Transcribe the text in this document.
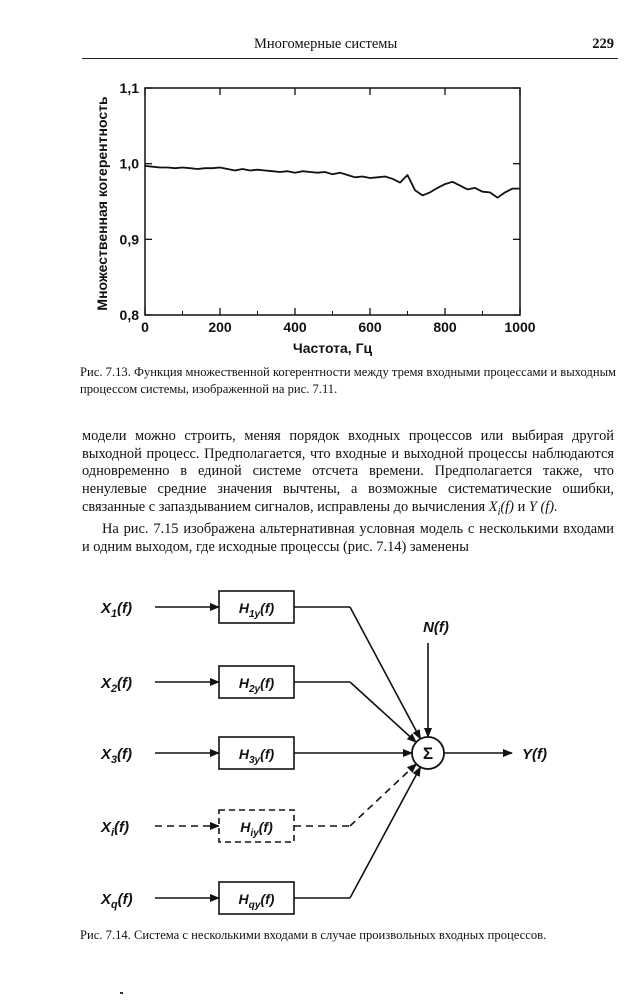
Многомерные системы	229
0,8
0,9
1,0
1,1
0	200	400	600	800	1000
Частота, Гц
Множественная когерентность
Рис. 7.13. Функция множественной когерентности между тремя входными процессами и выходным процессом системы, изображенной на рис. 7.11.

модели можно строить, меняя порядок входных процессов или выбирая другой выходной процесс. Предполагается, что входные и выходной процессы наблюдаются одновременно в единой системе отсчета времени. Предполагается также, что ненулевые средние значения вычтены, а возможные систематические ошибки, связанные с запаздыванием сигналов, исправлены до вычисления $X_i(f)$ и Y (f).

На рис. 7.15 изображена альтернативная условная модель с несколькими входами и одним выходом, где исходные процессы (рис. 7.14) заменены

$X_1(f)$	$H_{1y}(f)$
$X_2(f)$	$H_{2y}(f)$
$X_3(f)$	$H_{3y}(f)$
$X_i(f)$	$H_{iy}(f)$
$X_q(f)$	$H_{qy}(f)$
N(f)
Σ	Y(f)
Рис. 7.14. Система с несколькими входами в случае произвольных входных процессов.
